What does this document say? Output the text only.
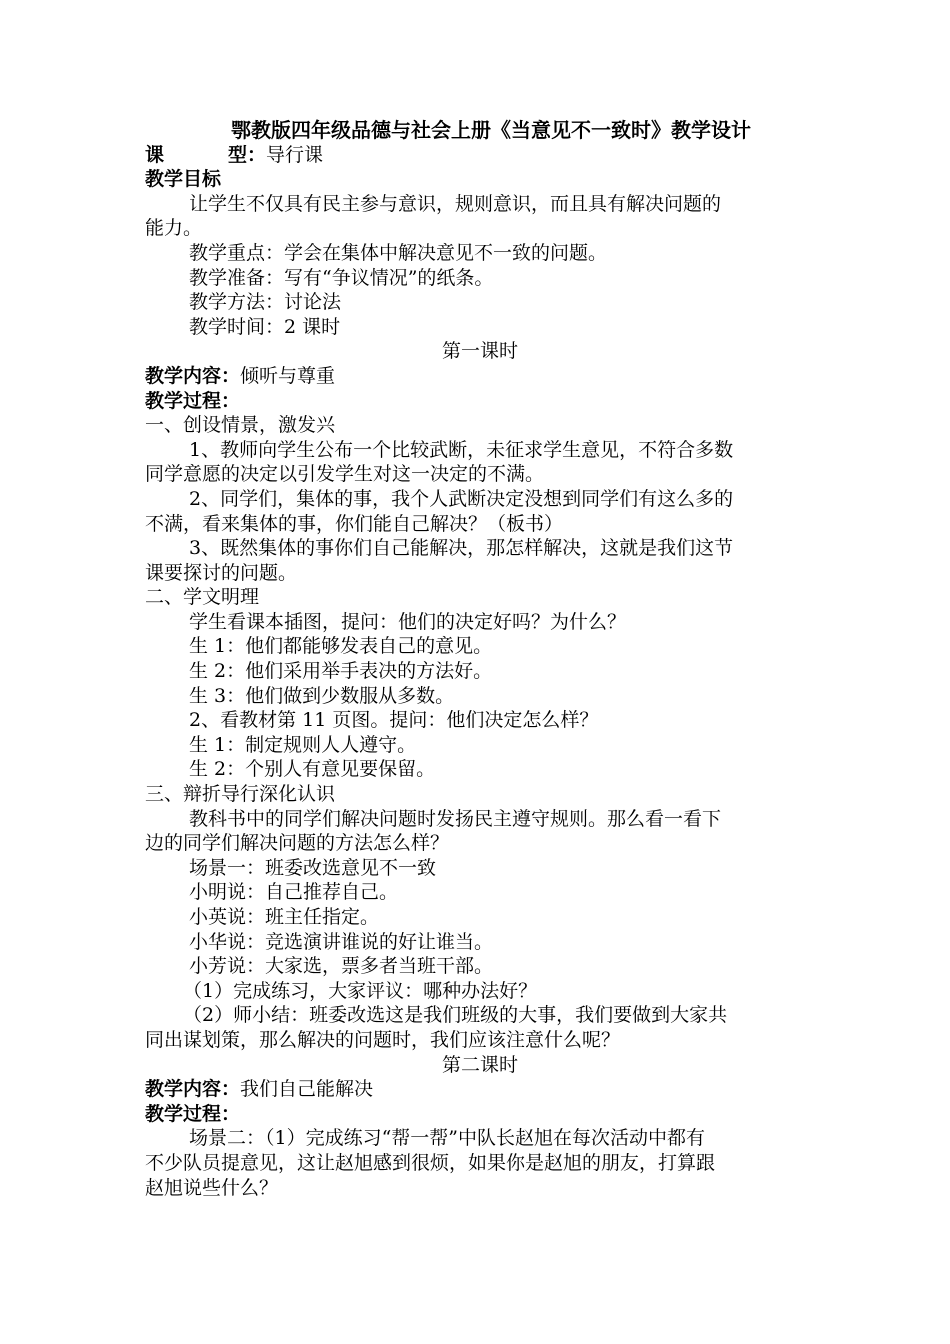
鄂教版四年级品德与社会上册《当意见不一致时》教学设计

课	型：导行课

教学目标

让学生不仅具有民主参与意识，规则意识，而且具有解决问题的

能力。

教学重点：学会在集体中解决意见不一致的问题。

教学准备：写有“争议情况”的纸条。

教学方法：讨论法

教学时间：2 课时

第一课时

教学内容：倾听与尊重

教学过程：

一、创设情景，激发兴

1、教师向学生公布一个比较武断，未征求学生意见，不符合多数

同学意愿的决定以引发学生对这一决定的不满。

2、同学们，集体的事，我个人武断决定没想到同学们有这么多的

不满，看来集体的事，你们能自己解决？（板书）

3、既然集体的事你们自己能解决，那怎样解决，这就是我们这节

课要探讨的问题。

二、学文明理

学生看课本插图，提问：他们的决定好吗？为什么？

生 1：他们都能够发表自己的意见。

生 2：他们采用举手表决的方法好。

生 3：他们做到少数服从多数。

2、看教材第 11 页图。提问：他们决定怎么样？

生 1：制定规则人人遵守。

生 2：个别人有意见要保留。

三、辩折导行深化认识

教科书中的同学们解决问题时发扬民主遵守规则。那么看一看下

边的同学们解决问题的方法怎么样？

场景一：班委改选意见不一致

小明说：自己推荐自己。

小英说：班主任指定。

小华说：竞选演讲谁说的好让谁当。

小芳说：大家选，票多者当班干部。

（1）完成练习，大家评议：哪种办法好？

（2）师小结：班委改选这是我们班级的大事，我们要做到大家共

同出谋划策，那么解决的问题时，我们应该注意什么呢？

第二课时

教学内容：我们自己能解决

教学过程：

场景二：（1）完成练习“帮一帮”中队长赵旭在每次活动中都有

不少队员提意见，这让赵旭感到很烦，如果你是赵旭的朋友，打算跟

赵旭说些什么？
